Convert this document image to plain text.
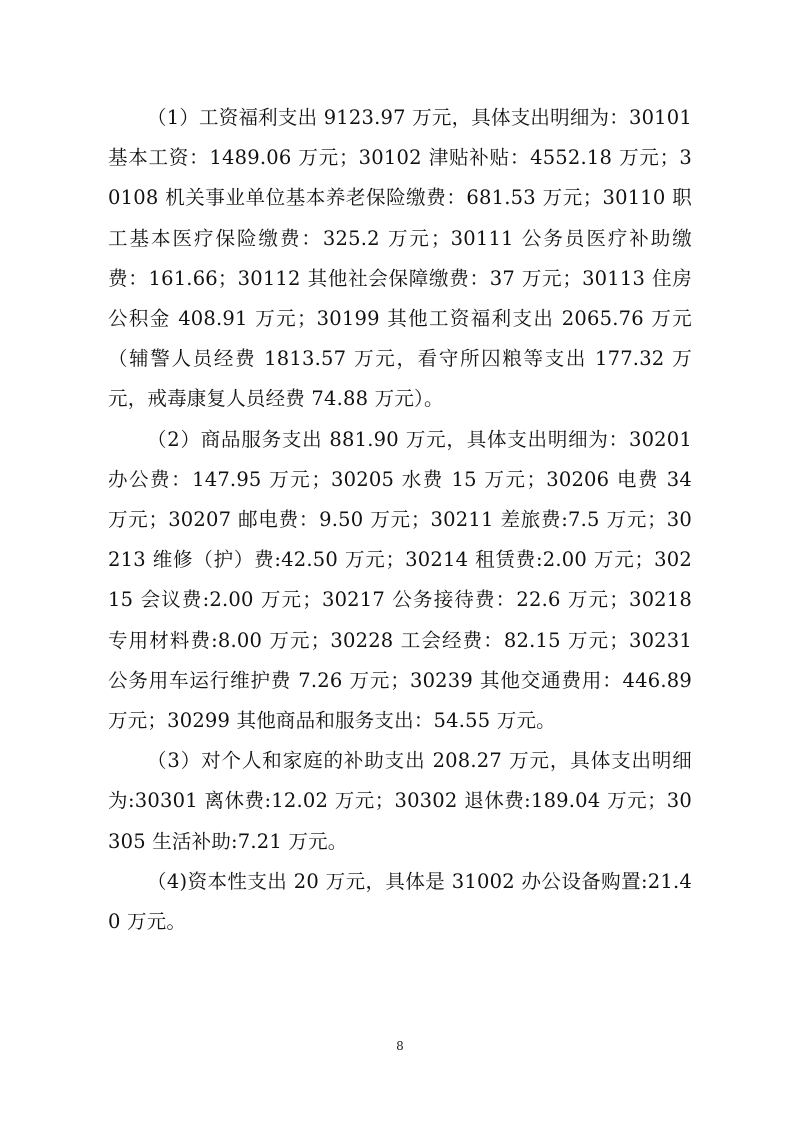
（1）工资福利支出 9123.97 万元，具体支出明细为：30101 基本工资：1489.06 万元；30102 津贴补贴：4552.18 万元；30108 机关事业单位基本养老保险缴费：681.53 万元；30110 职工基本医疗保险缴费：325.2 万元；30111 公务员医疗补助缴费：161.66；30112 其他社会保障缴费：37 万元；30113 住房公积金 408.91 万元；30199 其他工资福利支出 2065.76 万元（辅警人员经费 1813.57 万元，看守所囚粮等支出 177.32 万元，戒毒康复人员经费 74.88 万元）。

（2）商品服务支出 881.90 万元，具体支出明细为：30201 办公费：147.95 万元；30205 水费 15 万元；30206 电费 34 万元；30207 邮电费：9.50 万元；30211 差旅费:7.5 万元；30213 维修（护）费:42.50 万元；30214 租赁费:2.00 万元；30215 会议费:2.00 万元；30217 公务接待费：22.6 万元；30218 专用材料费:8.00 万元；30228 工会经费：82.15 万元；30231 公务用车运行维护费 7.26 万元；30239 其他交通费用：446.89 万元；30299 其他商品和服务支出：54.55 万元。

（3）对个人和家庭的补助支出 208.27 万元，具体支出明细为:30301 离休费:12.02 万元；30302 退休费:189.04 万元；30305 生活补助:7.21 万元。

（4)资本性支出 20 万元，具体是 31002 办公设备购置:21.40 万元。

8
